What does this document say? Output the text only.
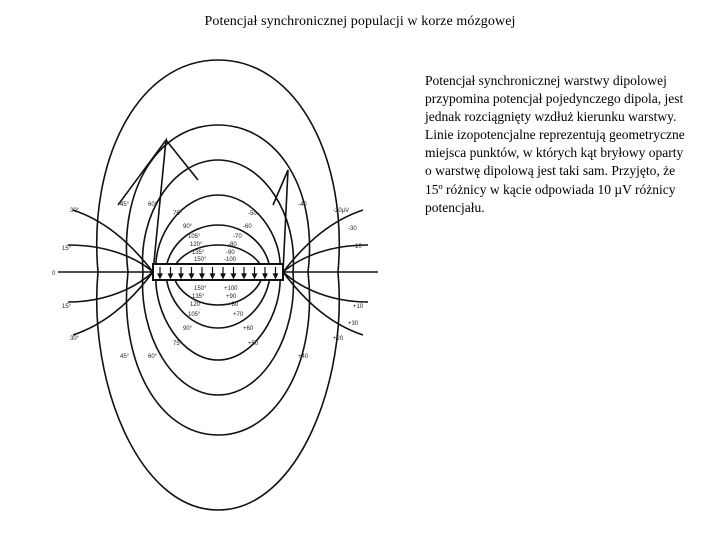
Potencjał synchronicznej populacji w korze mózgowej
30°
15°
0
15°
30°
45°	60°
45°	60°
75°
90°
105°
120°
135°
150°
150°
135°
120°
105°
90°
75°
-40
-20µV
-50
-60
-70
-80
-90
-100
-10
-30
+100
+90
+80
+70
+60
+50
+40
+20
+10
+30
Potencjał synchronicznej warstwy dipolowej przypomina potencjał pojedynczego dipola, jest jednak rozciągnięty wzdłuż kierunku warstwy. Linie izopotencjalne reprezentują geometryczne miejsca punktów, w których kąt bryłowy oparty o warstwę dipolową jest taki sam. Przyjęto, że 15º różnicy w kącie odpowiada 10 µV różnicy potencjału.
